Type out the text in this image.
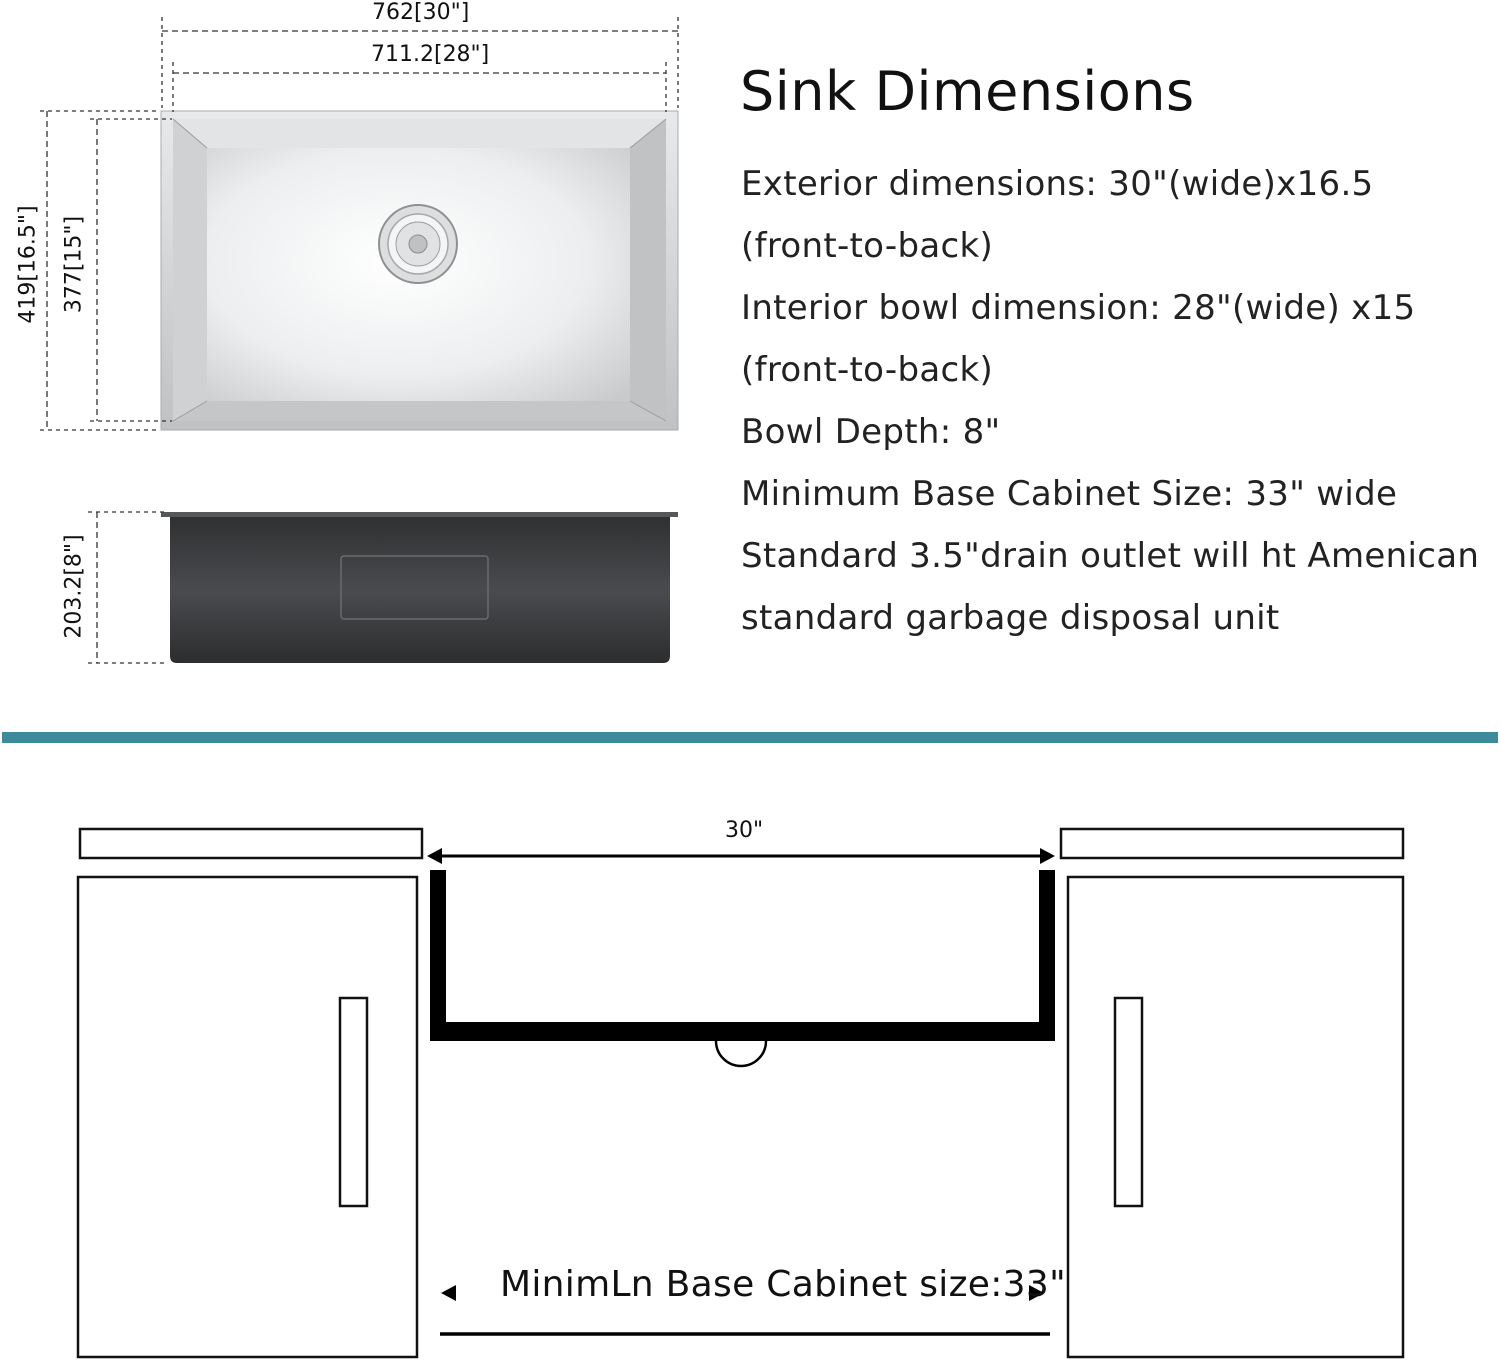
762[30"]
711.2[28"]
419[16.5"] 377[15"]
203.2[8"]
Sink Dimensions
Exterior dimensions: 30"(wide)x16.5
(front-to-back)
Interior bowl dimension: 28"(wide) x15
(front-to-back)
Bowl Depth: 8"
Minimum Base Cabinet Size: 33" wide
Standard 3.5"drain outlet will ht Amenican
standard garbage disposal unit
30"
MinimLn Base Cabinet size:33"
